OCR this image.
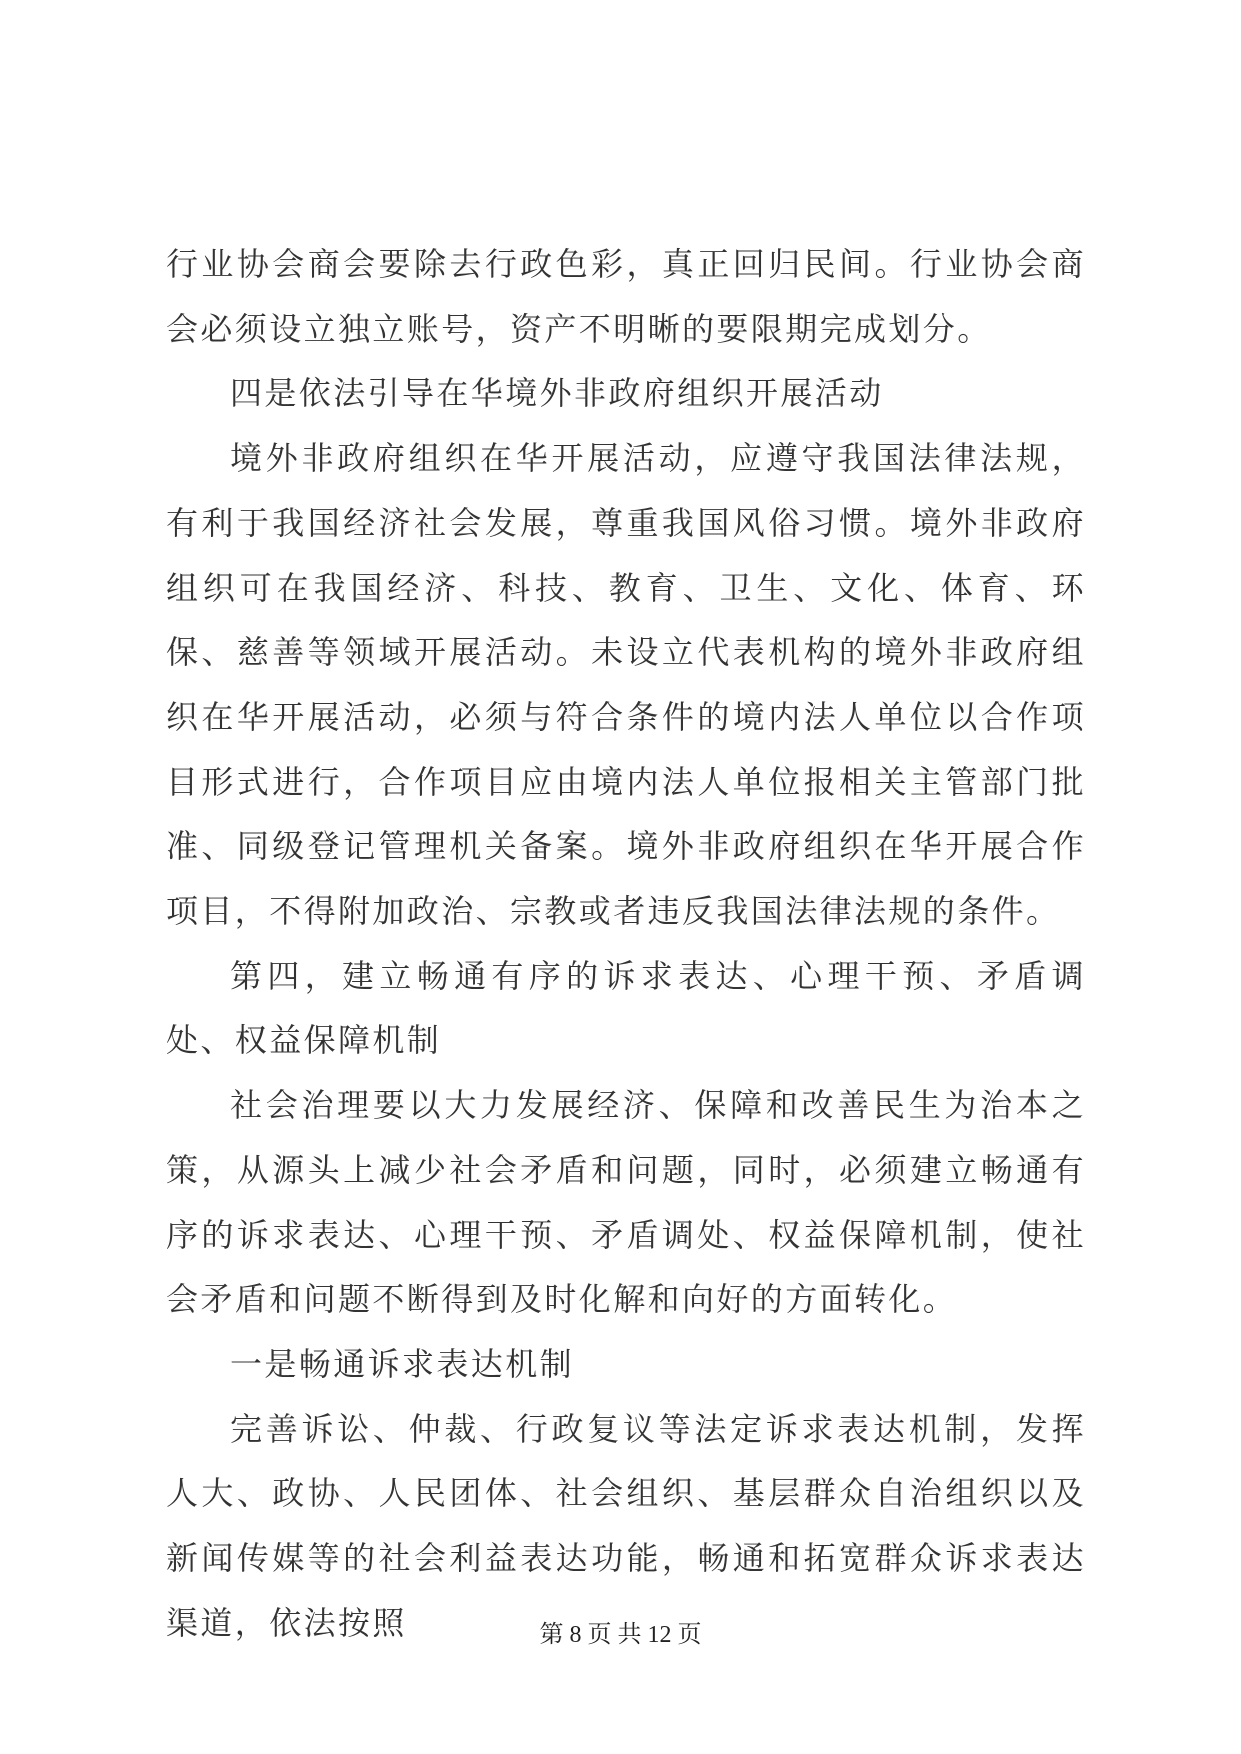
行业协会商会要除去行政色彩，真正回归民间。行业协会商会必须设立独立账号，资产不明晰的要限期完成划分。

四是依法引导在华境外非政府组织开展活动

境外非政府组织在华开展活动，应遵守我国法律法规，有利于我国经济社会发展，尊重我国风俗习惯。境外非政府组织可在我国经济、科技、教育、卫生、文化、体育、环保、慈善等领域开展活动。未设立代表机构的境外非政府组织在华开展活动，必须与符合条件的境内法人单位以合作项目形式进行，合作项目应由境内法人单位报相关主管部门批准、同级登记管理机关备案。境外非政府组织在华开展合作项目，不得附加政治、宗教或者违反我国法律法规的条件。

第四，建立畅通有序的诉求表达、心理干预、矛盾调处、权益保障机制

社会治理要以大力发展经济、保障和改善民生为治本之策，从源头上减少社会矛盾和问题，同时，必须建立畅通有序的诉求表达、心理干预、矛盾调处、权益保障机制，使社会矛盾和问题不断得到及时化解和向好的方面转化。

一是畅通诉求表达机制

完善诉讼、仲裁、行政复议等法定诉求表达机制，发挥人大、政协、人民团体、社会组织、基层群众自治组织以及新闻传媒等的社会利益表达功能，畅通和拓宽群众诉求表达渠道，依法按照	第 8 页 共 12 页
